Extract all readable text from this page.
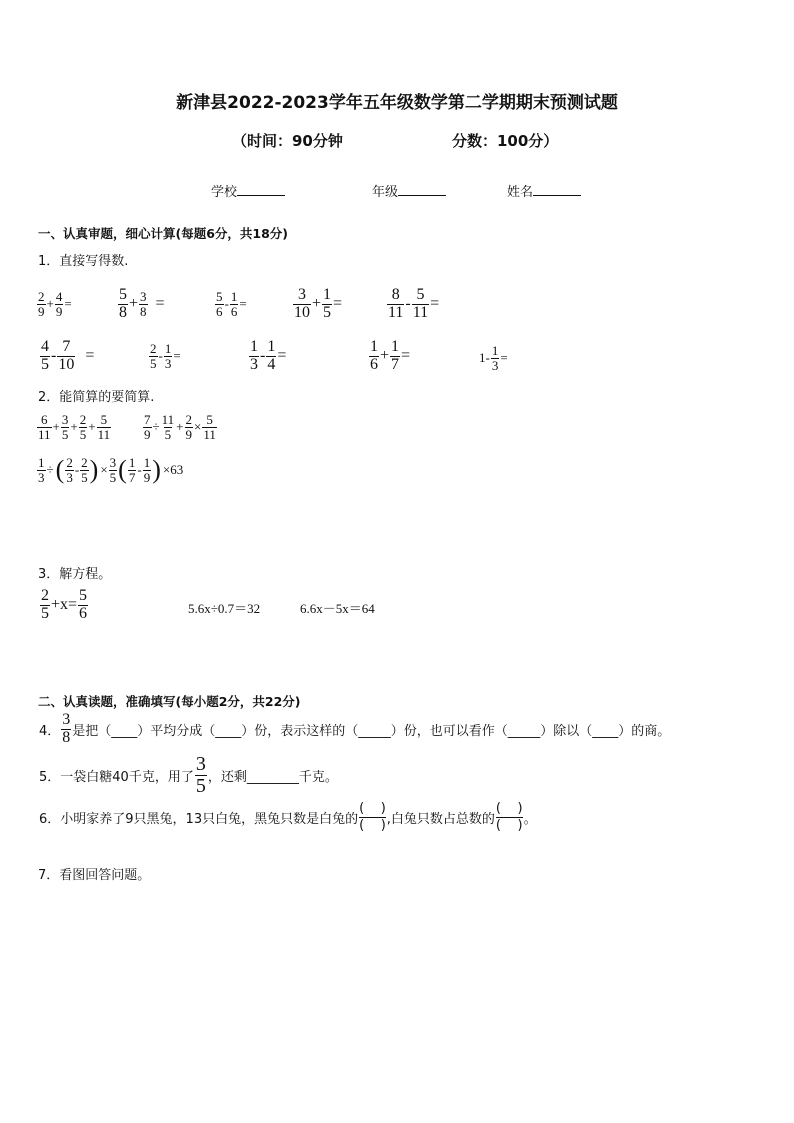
新津县2022-2023学年五年级数学第二学期期末预测试题
（时间：90分钟	分数：100分）
学校	年级	姓名
一、认真审题，细心计算(每题6分，共18分)
1．直接写得数.
$\frac{2}{9} + \frac{4}{9}$ =	$\frac{5}{8} + \frac{3}{8}$ =	$\frac{5}{6} - \frac{1}{6}$ =	$\frac{3}{10} + \frac{1}{5}$ =	$\frac{8}{11} - \frac{5}{11}$ =
$\frac{4}{5} - \frac{7}{10}$ =	$\frac{2}{5} - \frac{1}{3}$ =	$\frac{1}{3} - \frac{1}{4}$ =	$\frac{1}{6} + \frac{1}{7}$ =	$1- \frac{1}{3}$ =
2．能简算的要简算.
$\frac{6}{11} + \frac{3}{5} + \frac{2}{5} + \frac{5}{11} \frac{7}{9} \div \frac{11}{5} + \frac{2}{9} \times \frac{5}{11}$
$\frac{1}{3}$ ÷( $\frac{2}{3} - \frac{2}{5}$ ) × $\frac{3}{5}$ ( $\frac{1}{7} - \frac{1}{9}$ ) ×63
3．解方程。
$\frac{2}{5} +x= \frac{5}{6}$	5.6x÷0.7＝32	6.6x－5x＝64
二、认真读题，准确填写(每小题2分，共22分)
4． $\frac{3}{8}$ 是把（____）平均分成（____）份，表示这样的（_____）份，也可以看作（_____）除以（____）的商。
5．一袋白糖40千克，用了 $\frac{3}{5}$ ，还剩________千克。
6．小明家养了9只黑兔，13只白兔，黑兔只数是白兔的
(    )
(    ) ,白兔只数占总数的
(    )
(    ) 。
7．看图回答问题。
